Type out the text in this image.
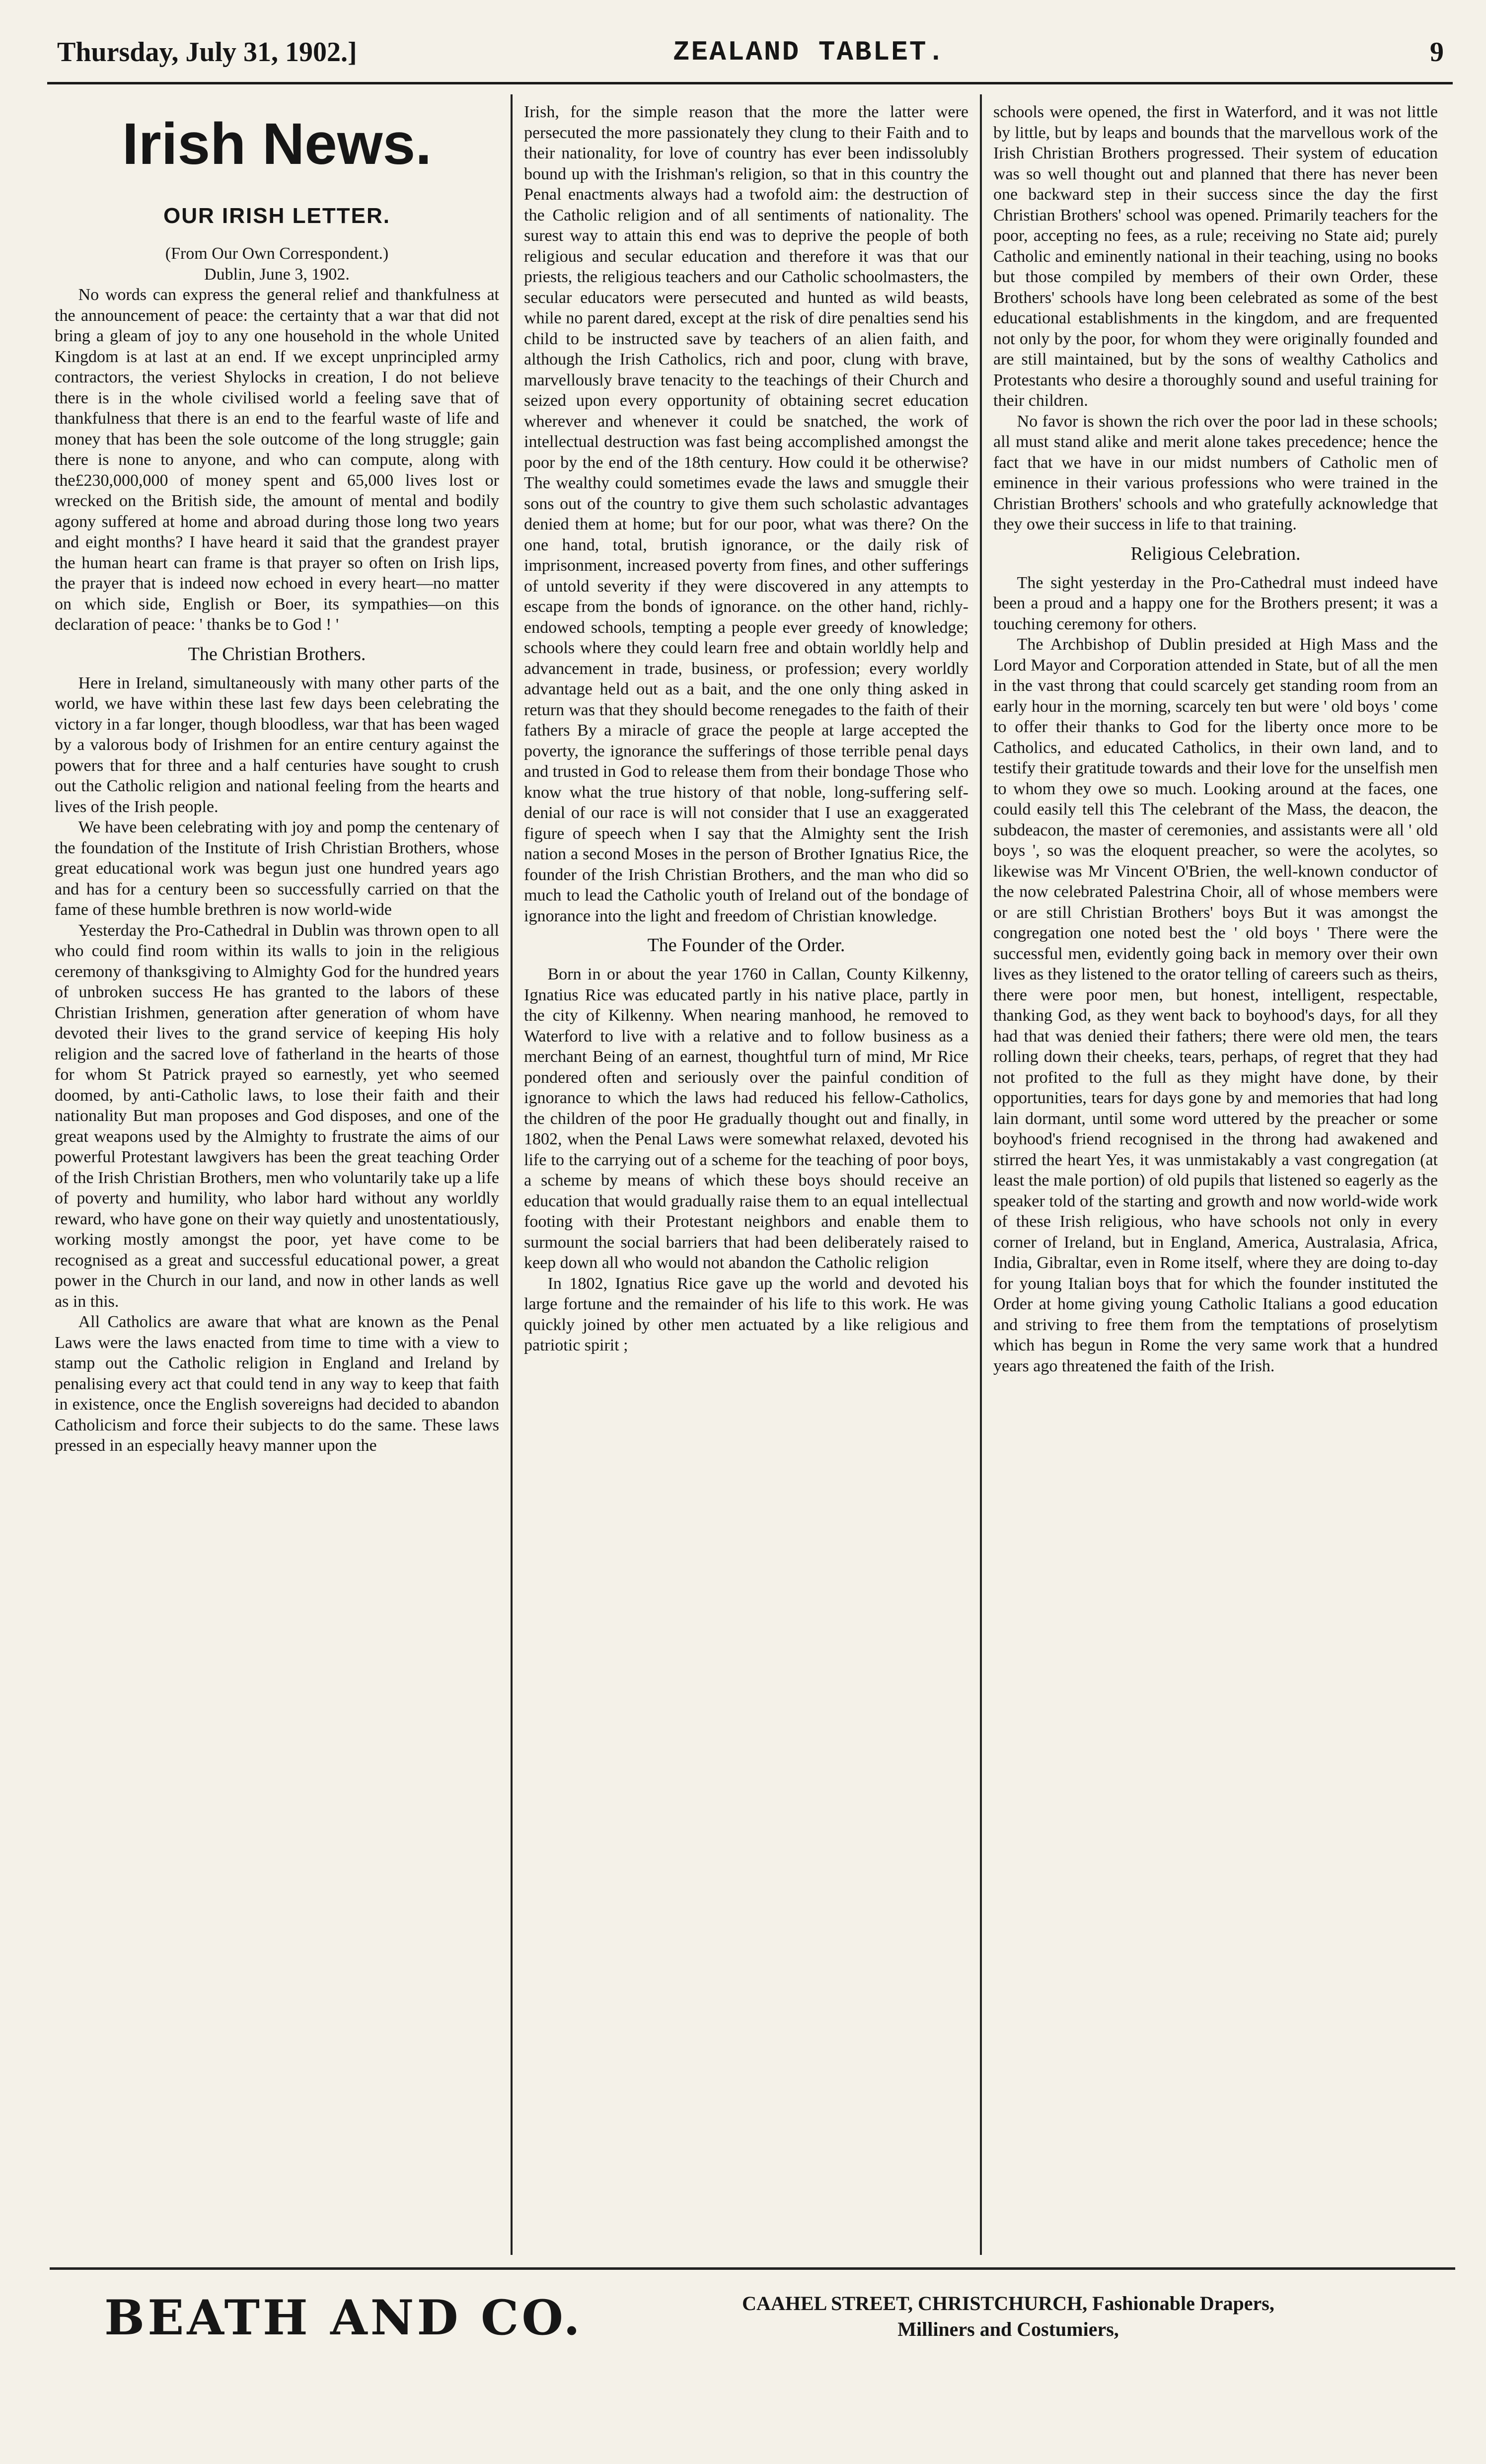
Thursday, July 31, 1902.]	ZEALAND TABLET.	9
Irish News.
OUR IRISH LETTER.

(From Our Own Correspondent.)

Dublin, June 3, 1902.

No words can express the general relief and thankfulness at the announcement of peace: the certainty that a war that did not bring a gleam of joy to any one household in the whole United Kingdom is at last at an end. If we except unprincipled army contractors, the veriest Shylocks in creation, I do not believe there is in the whole civilised world a feeling save that of thankfulness that there is an end to the fearful waste of life and money that has been the sole outcome of the long struggle; gain there is none to anyone, and who can compute, along with the£230,000,000 of money spent and 65,000 lives lost or wrecked on the British side, the amount of mental and bodily agony suffered at home and abroad during those long two years and eight months? I have heard it said that the grandest prayer the human heart can frame is that prayer so often on Irish lips, the prayer that is indeed now echoed in every heart—no matter on which side, English or Boer, its sympathies—on this declaration of peace: ' thanks be to God ! '

The Christian Brothers.

Here in Ireland, simultaneously with many other parts of the world, we have within these last few days been celebrating the victory in a far longer, though bloodless, war that has been waged by a valorous body of Irishmen for an entire century against the powers that for three and a half centuries have sought to crush out the Catholic religion and national feeling from the hearts and lives of the Irish people.

We have been celebrating with joy and pomp the centenary of the foundation of the Institute of Irish Christian Brothers, whose great educational work was begun just one hundred years ago and has for a century been so successfully carried on that the fame of these humble brethren is now world-wide

Yesterday the Pro-Cathedral in Dublin was thrown open to all who could find room within its walls to join in the religious ceremony of thanksgiving to Almighty God for the hundred years of unbroken success He has granted to the labors of these Christian Irishmen, generation after generation of whom have devoted their lives to the grand service of keeping His holy religion and the sacred love of fatherland in the hearts of those for whom St Patrick prayed so earnestly, yet who seemed doomed, by anti-Catholic laws, to lose their faith and their nationality But man proposes and God disposes, and one of the great weapons used by the Almighty to frustrate the aims of our powerful Protestant lawgivers has been the great teaching Order of the Irish Christian Brothers, men who voluntarily take up a life of poverty and humility, who labor hard without any worldly reward, who have gone on their way quietly and unostentatiously, working mostly amongst the poor, yet have come to be recognised as a great and successful educational power, a great power in the Church in our land, and now in other lands as well as in this.

All Catholics are aware that what are known as the Penal Laws were the laws enacted from time to time with a view to stamp out the Catholic religion in England and Ireland by penalising every act that could tend in any way to keep that faith in existence, once the English sovereigns had decided to abandon Catholicism and force their subjects to do the same. These laws pressed in an especially heavy manner upon the

Irish, for the simple reason that the more the latter were persecuted the more passionately they clung to their Faith and to their nationality, for love of country has ever been indissolubly bound up with the Irishman's religion, so that in this country the Penal enactments always had a twofold aim: the destruction of the Catholic religion and of all sentiments of nationality. The surest way to attain this end was to deprive the people of both religious and secular education and therefore it was that our priests, the religious teachers and our Catholic schoolmasters, the secular educators were persecuted and hunted as wild beasts, while no parent dared, except at the risk of dire penalties send his child to be instructed save by teachers of an alien faith, and although the Irish Catholics, rich and poor, clung with brave, marvellously brave tenacity to the teachings of their Church and seized upon every opportunity of obtaining secret education wherever and whenever it could be snatched, the work of intellectual destruction was fast being accomplished amongst the poor by the end of the 18th century. How could it be otherwise? The wealthy could sometimes evade the laws and smuggle their sons out of the country to give them such scholastic advantages denied them at home; but for our poor, what was there? On the one hand, total, brutish ignorance, or the daily risk of imprisonment, increased poverty from fines, and other sufferings of untold severity if they were discovered in any attempts to escape from the bonds of ignorance. on the other hand, richly-endowed schools, tempting a people ever greedy of knowledge; schools where they could learn free and obtain worldly help and advancement in trade, business, or profession; every worldly advantage held out as a bait, and the one only thing asked in return was that they should become renegades to the faith of their fathers By a miracle of grace the people at large accepted the poverty, the ignorance the sufferings of those terrible penal days and trusted in God to release them from their bondage Those who know what the true history of that noble, long-suffering self-denial of our race is will not consider that I use an exaggerated figure of speech when I say that the Almighty sent the Irish nation a second Moses in the person of Brother Ignatius Rice, the founder of the Irish Christian Brothers, and the man who did so much to lead the Catholic youth of Ireland out of the bondage of ignorance into the light and freedom of Christian knowledge.

The Founder of the Order.

Born in or about the year 1760 in Callan, County Kilkenny, Ignatius Rice was educated partly in his native place, partly in the city of Kilkenny. When nearing manhood, he removed to Waterford to live with a relative and to follow business as a merchant Being of an earnest, thoughtful turn of mind, Mr Rice pondered often and seriously over the painful condition of ignorance to which the laws had reduced his fellow-Catholics, the children of the poor He gradually thought out and finally, in 1802, when the Penal Laws were somewhat relaxed, devoted his life to the carrying out of a scheme for the teaching of poor boys, a scheme by means of which these boys should receive an education that would gradually raise them to an equal intellectual footing with their Protestant neighbors and enable them to surmount the social barriers that had been deliberately raised to keep down all who would not abandon the Catholic religion

In 1802, Ignatius Rice gave up the world and devoted his large fortune and the remainder of his life to this work. He was quickly joined by other men actuated by a like religious and patriotic spirit ;

schools were opened, the first in Waterford, and it was not little by little, but by leaps and bounds that the marvellous work of the Irish Christian Brothers progressed. Their system of education was so well thought out and planned that there has never been one backward step in their success since the day the first Christian Brothers' school was opened. Primarily teachers for the poor, accepting no fees, as a rule; receiving no State aid; purely Catholic and eminently national in their teaching, using no books but those compiled by members of their own Order, these Brothers' schools have long been celebrated as some of the best educational establishments in the kingdom, and are frequented not only by the poor, for whom they were originally founded and are still maintained, but by the sons of wealthy Catholics and Protestants who desire a thoroughly sound and useful training for their children.

No favor is shown the rich over the poor lad in these schools; all must stand alike and merit alone takes precedence; hence the fact that we have in our midst numbers of Catholic men of eminence in their various professions who were trained in the Christian Brothers' schools and who gratefully acknowledge that they owe their success in life to that training.

Religious Celebration.

The sight yesterday in the Pro-Cathedral must indeed have been a proud and a happy one for the Brothers present; it was a touching ceremony for others.

The Archbishop of Dublin presided at High Mass and the Lord Mayor and Corporation attended in State, but of all the men in the vast throng that could scarcely get standing room from an early hour in the morning, scarcely ten but were ' old boys ' come to offer their thanks to God for the liberty once more to be Catholics, and educated Catholics, in their own land, and to testify their gratitude towards and their love for the unselfish men to whom they owe so much. Looking around at the faces, one could easily tell this The celebrant of the Mass, the deacon, the subdeacon, the master of ceremonies, and assistants were all ' old boys ', so was the eloquent preacher, so were the acolytes, so likewise was Mr Vincent O'Brien, the well-known conductor of the now celebrated Palestrina Choir, all of whose members were or are still Christian Brothers' boys But it was amongst the congregation one noted best the ' old boys ' There were the successful men, evidently going back in memory over their own lives as they listened to the orator telling of careers such as theirs, there were poor men, but honest, intelligent, respectable, thanking God, as they went back to boyhood's days, for all they had that was denied their fathers; there were old men, the tears rolling down their cheeks, tears, perhaps, of regret that they had not profited to the full as they might have done, by their opportunities, tears for days gone by and memories that had long lain dormant, until some word uttered by the preacher or some boyhood's friend recognised in the throng had awakened and stirred the heart Yes, it was unmistakably a vast congregation (at least the male portion) of old pupils that listened so eagerly as the speaker told of the starting and growth and now world-wide work of these Irish religious, who have schools not only in every corner of Ireland, but in England, America, Australasia, Africa, India, Gibraltar, even in Rome itself, where they are doing to-day for young Italian boys that for which the founder instituted the Order at home giving young Catholic Italians a good education and striving to free them from the temptations of proselytism which has begun in Rome the very same work that a hundred years ago threatened the faith of the Irish.

BEATH AND CO.	CAAHEL STREET, CHRISTCHURCH, Fashionable Drapers,
Milliners and Costumiers,
